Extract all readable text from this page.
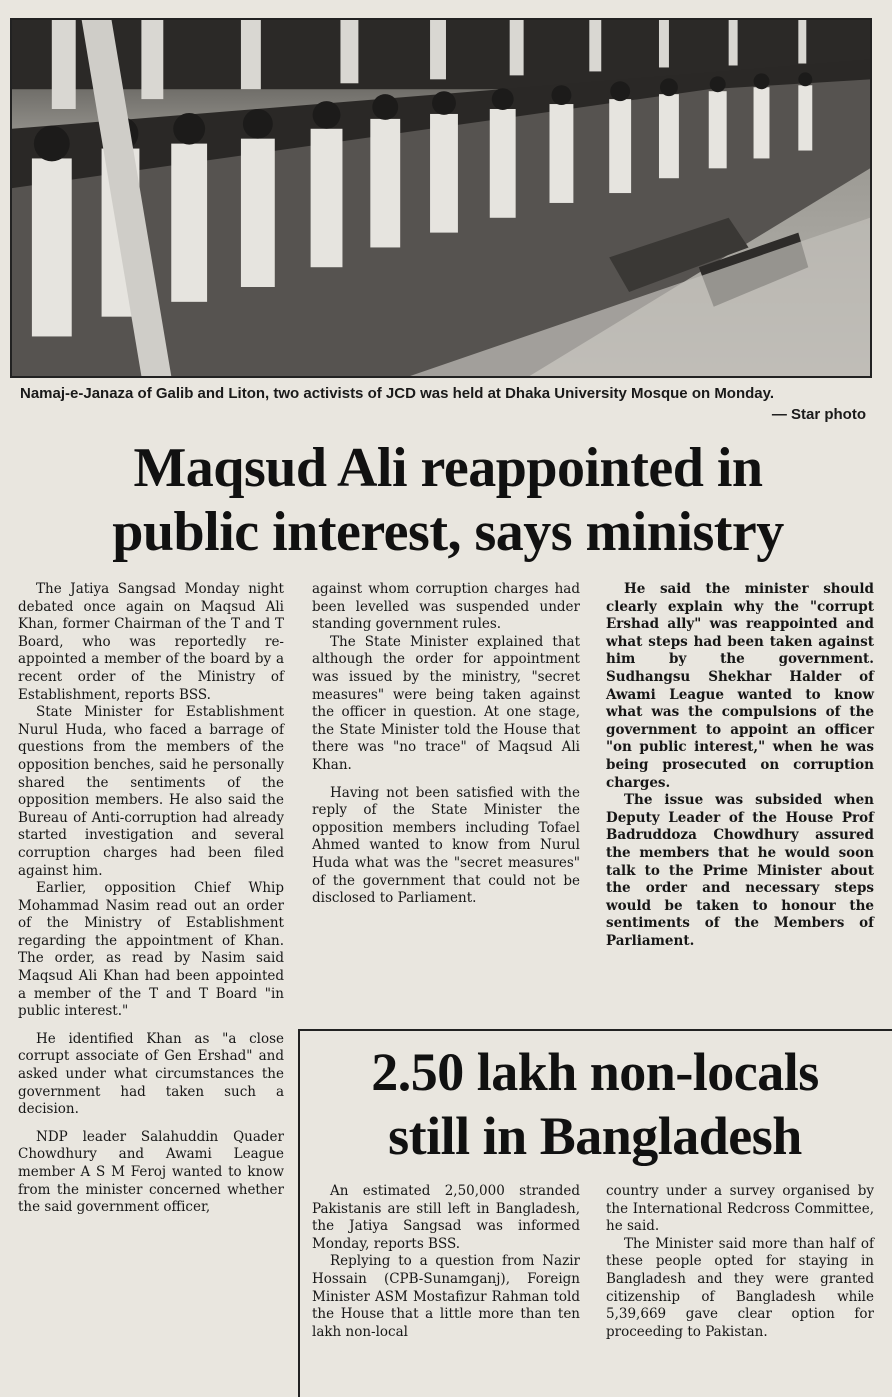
Namaj-e-Janaza of Galib and Liton, two activists of JCD was held at Dhaka University Mosque on Monday.
— Star photo
Maqsud Ali reappointed in
public interest, says ministry

The Jatiya Sangsad Monday night debated once again on Maqsud Ali Khan, former Chairman of the T and T Board, who was reportedly re-appointed a member of the board by a recent order of the Ministry of Establishment, reports BSS.

State Minister for Establishment Nurul Huda, who faced a barrage of questions from the members of the opposition benches, said he personally shared the sentiments of the opposition members. He also said the Bureau of Anti-corruption had already started investigation and several corruption charges had been filed against him.

Earlier, opposition Chief Whip Mohammad Nasim read out an order of the Ministry of Establishment regarding the appointment of Khan. The order, as read by Nasim said Maqsud Ali Khan had been appointed a member of the T and T Board "in public interest."

He identified Khan as "a close corrupt associate of Gen Ershad" and asked under what circumstances the government had taken such a decision.

NDP leader Salahuddin Quader Chowdhury and Awami League member A S M Feroj wanted to know from the minister concerned whether the said government officer,

against whom corruption charges had been levelled was suspended under standing government rules.

The State Minister explained that although the order for appointment was issued by the ministry, "secret measures" were being taken against the officer in question. At one stage, the State Minister told the House that there was "no trace" of Maqsud Ali Khan.

Having not been satisfied with the reply of the State Minister the opposition members including Tofael Ahmed wanted to know from Nurul Huda what was the "secret measures" of the government that could not be disclosed to Parliament.

He said the minister should clearly explain why the "corrupt Ershad ally" was reappointed and what steps had been taken against him by the government. Sudhangsu Shekhar Halder of Awami League wanted to know what was the compulsions of the government to appoint an officer "on public interest," when he was being prosecuted on corruption charges.

The issue was subsided when Deputy Leader of the House Prof Badruddoza Chowdhury assured the members that he would soon talk to the Prime Minister about the order and necessary steps would be taken to honour the sentiments of the Members of Parliament.

2.50 lakh non-locals
still in Bangladesh

An estimated 2,50,000 stranded Pakistanis are still left in Bangladesh, the Jatiya Sangsad was informed Monday, reports BSS.

Replying to a question from Nazir Hossain (CPB-Sunamganj), Foreign Minister ASM Mostafizur Rahman told the House that a little more than ten lakh non-local

country under a survey organised by the International Redcross Committee, he said.

The Minister said more than half of these people opted for staying in Bangladesh and they were granted citizenship of Bangladesh while 5,39,669 gave clear option for proceeding to Pakistan.
